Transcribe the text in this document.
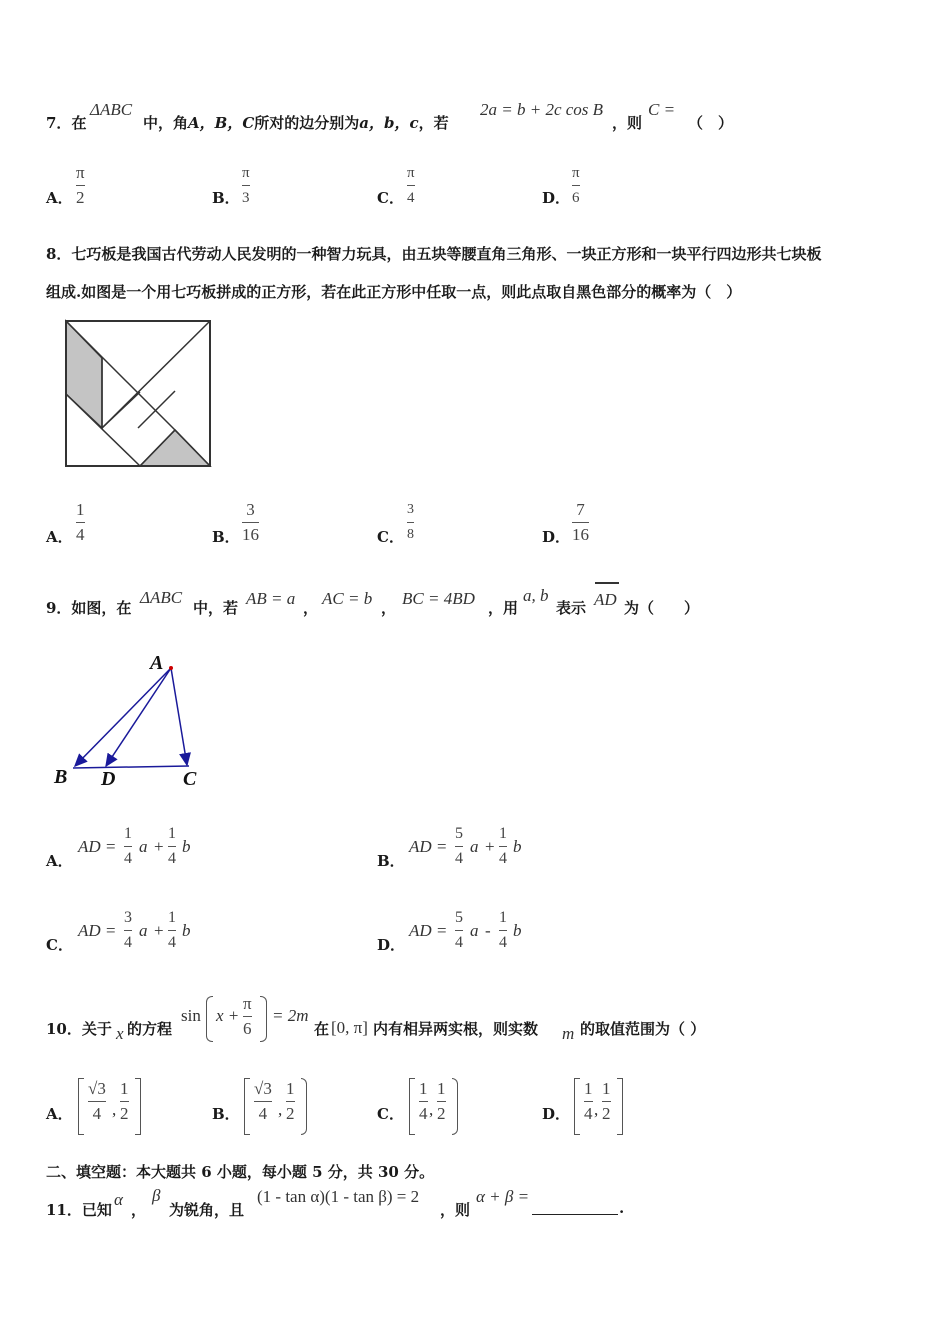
7．在
ΔABC
中，角A，B，C所对的边分别为a，b，c，若
2a = b + 2c cos B
，则
C =
（　）
A．
π
2	B．
π
3	C．
π
4	D．
π
6
8．七巧板是我国古代劳动人民发明的一种智力玩具，由五块等腰直角三角形、一块正方形和一块平行四边形共七块板
组成.如图是一个用七巧板拼成的正方形，若在此正方形中任取一点，则此点取自黑色部分的概率为（　）
A．
1
4	B．
3
16	C．
3
8	D．
7
16
9．如图，在
ΔABC
中，若 AB = a ， AC = b ， BC = 4BD ，用
a, b
表示 AD 为（　　）
A
B D	C
A．
AD =
1
4
a +
1
4
b
B．
AD =
5
4
a +
1
4
b
C．
AD =
3
4
a +
1
4
b
D．
AD =
5
4
a -
1
4
b
10．关于 x 的方程
sin x +
π
6
= 2m
在 [0, π] 内有相异两实根，则实数 m 的取值范围为（ ）
A．
√3
4 ,
1
2	B．
√3
4 ,
1
2	C．
1
4 ,
1
2	D．
1
4 ,
1
2
二、填空题：本大题共 6 小题，每小题 5 分，共 30 分。
11．已知
α
，
β
为锐角，且
(1 - tan α)(1 - tan β) = 2
，则
α + β =
.
